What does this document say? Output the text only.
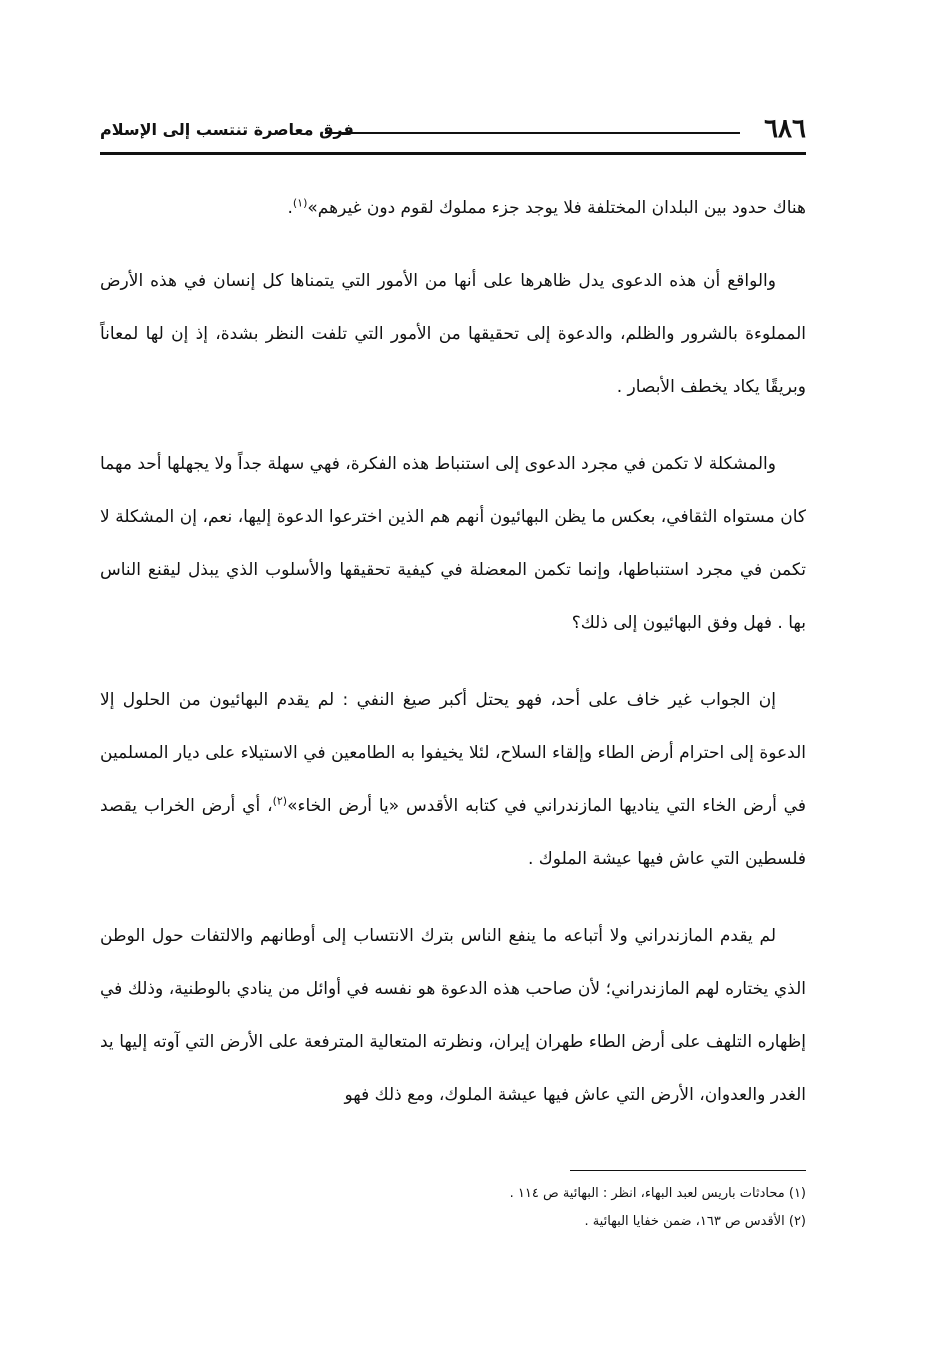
٦٨٦
فرق معاصرة تنتسب إلى الإسلام

هناك حدود بين البلدان المختلفة فلا يوجد جزء مملوك لقوم دون غيرهم»$^{(١)}$.

والواقع أن هذه الدعوى يدل ظاهرها على أنها من الأمور التي يتمناها كل إنسان في هذه الأرض المملوءة بالشرور والظلم، والدعوة إلى تحقيقها من الأمور التي تلفت النظر بشدة، إذ إن لها لمعاناً وبريقًا يكاد يخطف الأبصار .

والمشكلة لا تكمن في مجرد الدعوى إلى استنباط هذه الفكرة، فهي سهلة جداً ولا يجهلها أحد مهما كان مستواه الثقافي، بعكس ما يظن البهائيون أنهم هم الذين اخترعوا الدعوة إليها، نعم، إن المشكلة لا تكمن في مجرد استنباطها، وإنما تكمن المعضلة في كيفية تحقيقها والأسلوب الذي يبذل ليقنع الناس بها . فهل وفق البهائيون إلى ذلك؟

إن الجواب غير خاف على أحد، فهو يحتل أكبر صيغ النفي : لم يقدم البهائيون من الحلول إلا الدعوة إلى احترام أرض الطاء وإلقاء السلاح، لئلا يخيفوا به الطامعين في الاستيلاء على ديار المسلمين في أرض الخاء التي يناديها المازندراني في كتابه الأقدس «يا أرض الخاء»$^{(٢)}$، أي أرض الخراب يقصد فلسطين التي عاش فيها عيشة الملوك .

لم يقدم المازندراني ولا أتباعه ما ينفع الناس بترك الانتساب إلى أوطانهم والالتفات حول الوطن الذي يختاره لهم المازندراني؛ لأن صاحب هذه الدعوة هو نفسه في أوائل من ينادي بالوطنية، وذلك في إظهاره التلهف على أرض الطاء طهران إيران، ونظرته المتعالية المترفعة على الأرض التي آوته إليها يد الغدر والعدوان، الأرض التي عاش فيها عيشة الملوك، ومع ذلك فهو

(١) محادثات باريس لعبد البهاء، انظر : البهائية ص ١١٤ .

(٢) الأقدس ص ١٦٣، ضمن خفايا البهائية .
